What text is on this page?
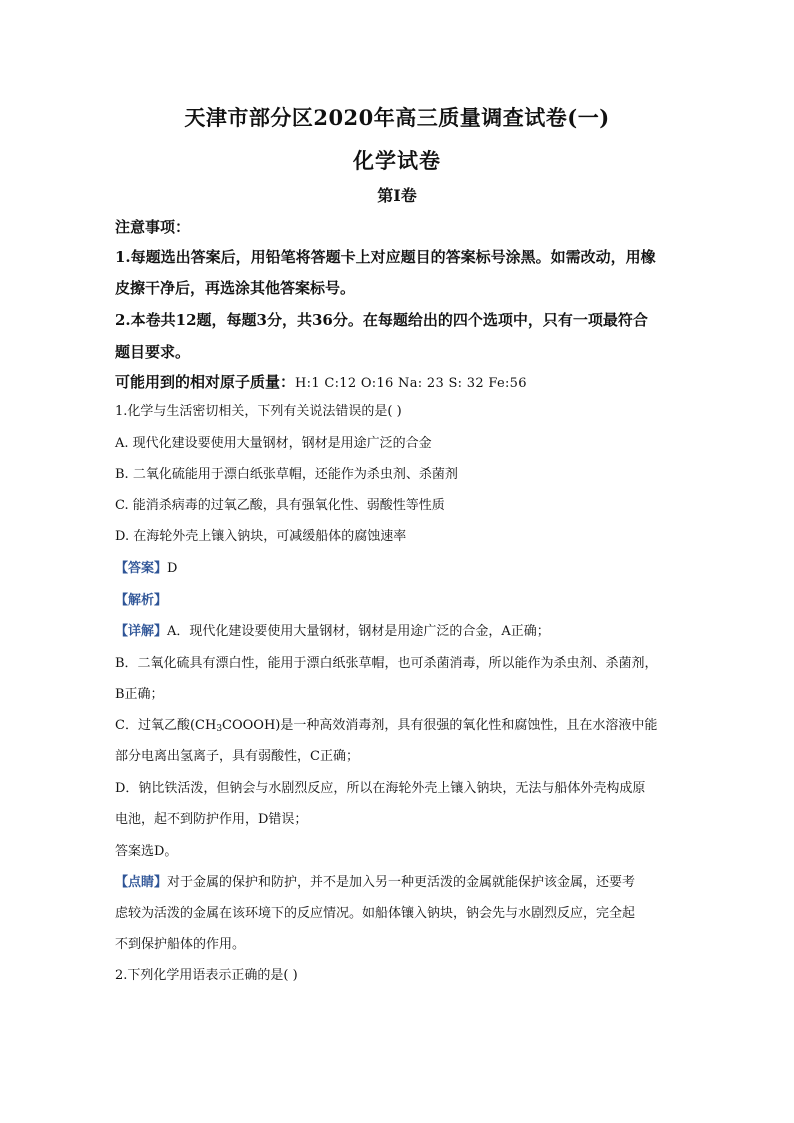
天津市部分区2020年高三质量调查试卷(一)
化学试卷
第I卷
注意事项：
1.每题选出答案后，用铅笔将答题卡上对应题目的答案标号涂黑。如需改动，用橡
皮擦干净后，再选涂其他答案标号。
2.本卷共12题，每题3分，共36分。在每题给出的四个选项中，只有一项最符合
题目要求。
可能用到的相对原子质量：H:1 C:12 O:16 Na: 23 S: 32 Fe:56
1.化学与生活密切相关，下列有关说法错误的是( )
A. 现代化建设要使用大量钢材，钢材是用途广泛的合金
B. 二氧化硫能用于漂白纸张草帽，还能作为杀虫剂、杀菌剂
C. 能消杀病毒的过氧乙酸，具有强氧化性、弱酸性等性质
D. 在海轮外壳上镶入钠块，可减缓船体的腐蚀速率
【答案】D
【解析】
【详解】A．现代化建设要使用大量钢材，钢材是用途广泛的合金，A正确；
B．二氧化硫具有漂白性，能用于漂白纸张草帽，也可杀菌消毒，所以能作为杀虫剂、杀菌剂，
B正确；
C．过氧乙酸$(CH_3COOOH)$是一种高效消毒剂，具有很强的氧化性和腐蚀性，且在水溶液中能
部分电离出氢离子，具有弱酸性，C正确；
D．钠比铁活泼，但钠会与水剧烈反应，所以在海轮外壳上镶入钠块，无法与船体外壳构成原
电池，起不到防护作用，D错误；
答案选D。
【点睛】对于金属的保护和防护，并不是加入另一种更活泼的金属就能保护该金属，还要考
虑较为活泼的金属在该环境下的反应情况。如船体镶入钠块，钠会先与水剧烈反应，完全起
不到保护船体的作用。
2.下列化学用语表示正确的是( )
